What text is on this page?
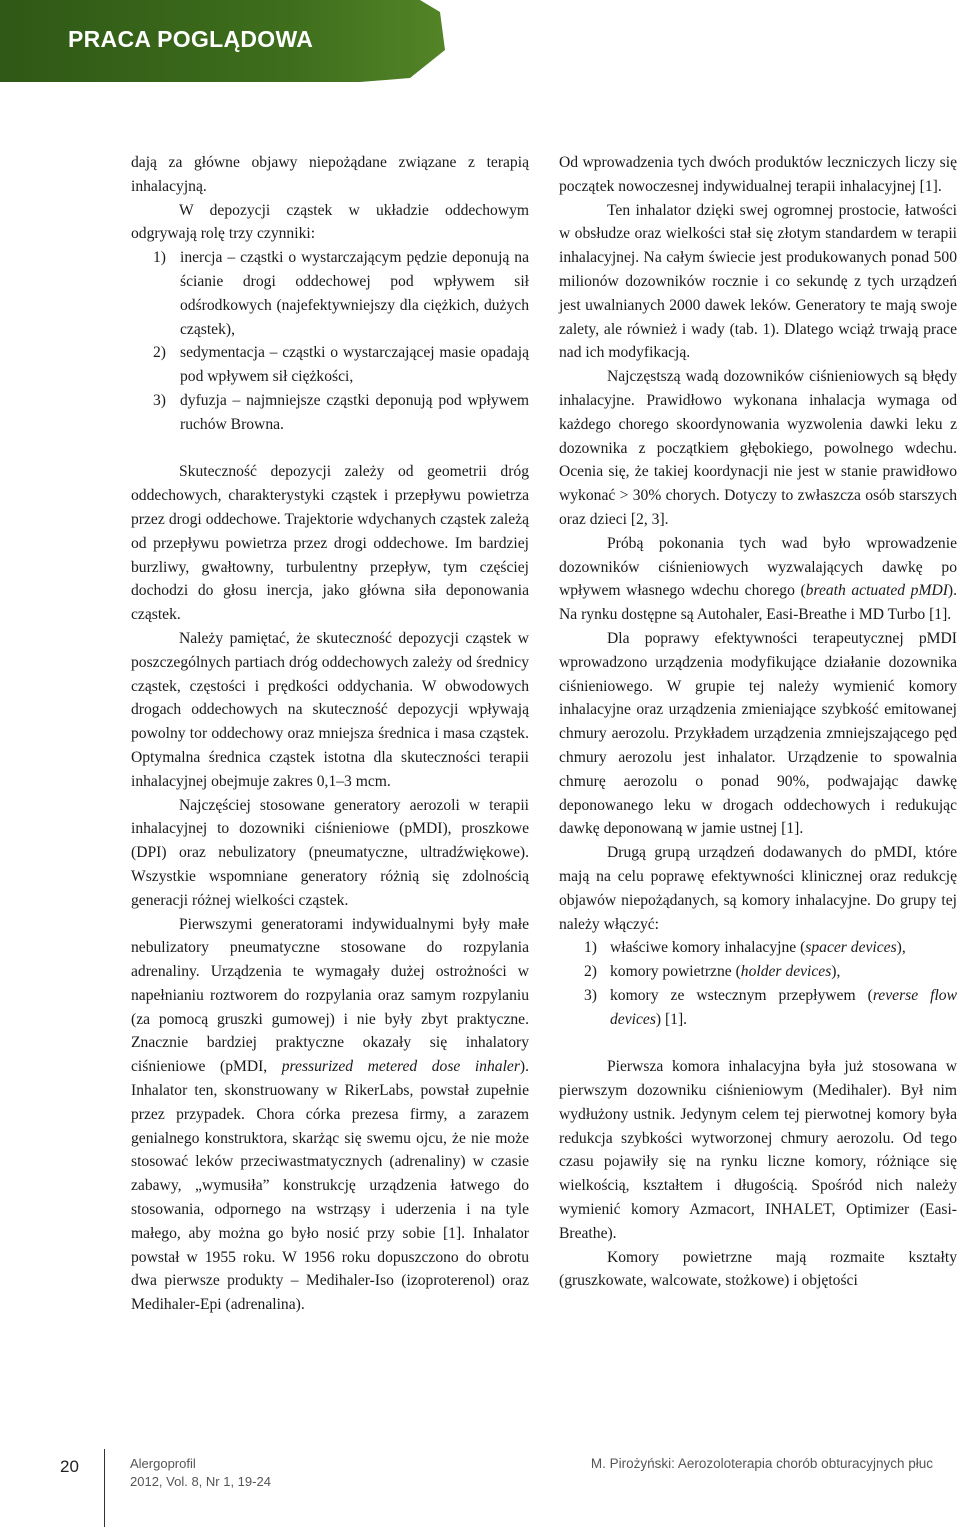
PRACA POGLĄDOWA

dają za główne objawy niepożądane związane z terapią inhalacyjną.

W depozycji cząstek w układzie oddechowym odgrywają rolę trzy czynniki:

1) inercja – cząstki o wystarczającym pędzie deponują na ścianie drogi oddechowej pod wpływem sił odśrodkowych (najefektywniejszy dla ciężkich, dużych cząstek),
2) sedymentacja – cząstki o wystarczającej masie opadają pod wpływem sił ciężkości,
3) dyfuzja – najmniejsze cząstki deponują pod wpływem ruchów Browna.

Skuteczność depozycji zależy od geometrii dróg oddechowych, charakterystyki cząstek i przepływu powietrza przez drogi oddechowe. Trajektorie wdychanych cząstek zależą od przepływu powietrza przez drogi oddechowe. Im bardziej burzliwy, gwałtowny, turbulentny przepływ, tym częściej dochodzi do głosu inercja, jako główna siła deponowania cząstek.

Należy pamiętać, że skuteczność depozycji cząstek w poszczególnych partiach dróg oddechowych zależy od średnicy cząstek, częstości i prędkości oddychania. W obwodowych drogach oddechowych na skuteczność depozycji wpływają powolny tor oddechowy oraz mniejsza średnica i masa cząstek. Optymalna średnica cząstek istotna dla skuteczności terapii inhalacyjnej obejmuje zakres 0,1–3 mcm.

Najczęściej stosowane generatory aerozoli w terapii inhalacyjnej to dozowniki ciśnieniowe (pMDI), proszkowe (DPI) oraz nebulizatory (pneumatyczne, ultradźwiękowe). Wszystkie wspomniane generatory różnią się zdolnością generacji różnej wielkości cząstek.

Pierwszymi generatorami indywidualnymi były małe nebulizatory pneumatyczne stosowane do rozpylania adrenaliny. Urządzenia te wymagały dużej ostrożności w napełnianiu roztworem do rozpylania oraz samym rozpylaniu (za pomocą gruszki gumowej) i nie były zbyt praktyczne. Znacznie bardziej praktyczne okazały się inhalatory ciśnieniowe (pMDI, pressurized metered dose inhaler). Inhalator ten, skonstruowany w RikerLabs, powstał zupełnie przez przypadek. Chora córka prezesa firmy, a zarazem genialnego konstruktora, skarżąc się swemu ojcu, że nie może stosować leków przeciwastmatycznych (adrenaliny) w czasie zabawy, „wymusiła” konstrukcję urządzenia łatwego do stosowania, odpornego na wstrząsy i uderzenia i na tyle małego, aby można go było nosić przy sobie [1]. Inhalator powstał w 1955 roku. W 1956 roku dopuszczono do obrotu dwa pierwsze produkty – Medihaler-Iso (izoproterenol) oraz Medihaler-Epi (adrenalina).

Od wprowadzenia tych dwóch produktów leczniczych liczy się początek nowoczesnej indywidualnej terapii inhalacyjnej [1].

Ten inhalator dzięki swej ogromnej prostocie, łatwości w obsłudze oraz wielkości stał się złotym standardem w terapii inhalacyjnej. Na całym świecie jest produkowanych ponad 500 milionów dozowników rocznie i co sekundę z tych urządzeń jest uwalnianych 2000 dawek leków. Generatory te mają swoje zalety, ale również i wady (tab. 1). Dlatego wciąż trwają prace nad ich modyfikacją.

Najczęstszą wadą dozowników ciśnieniowych są błędy inhalacyjne. Prawidłowo wykonana inhalacja wymaga od każdego chorego skoordynowania wyzwolenia dawki leku z dozownika z początkiem głębokiego, powolnego wdechu. Ocenia się, że takiej koordynacji nie jest w stanie prawidłowo wykonać > 30% chorych. Dotyczy to zwłaszcza osób starszych oraz dzieci [2, 3].

Próbą pokonania tych wad było wprowadzenie dozowników ciśnieniowych wyzwalających dawkę po wpływem własnego wdechu chorego (breath actuated pMDI). Na rynku dostępne są Autohaler, Easi-Breathe i MD Turbo [1].

Dla poprawy efektywności terapeutycznej pMDI wprowadzono urządzenia modyfikujące działanie dozownika ciśnieniowego. W grupie tej należy wymienić komory inhalacyjne oraz urządzenia zmieniające szybkość emitowanej chmury aerozolu. Przykładem urządzenia zmniejszającego pęd chmury aerozolu jest inhalator. Urządzenie to spowalnia chmurę aerozolu o ponad 90%, podwajając dawkę deponowanego leku w drogach oddechowych i redukując dawkę deponowaną w jamie ustnej [1].

Drugą grupą urządzeń dodawanych do pMDI, które mają na celu poprawę efektywności klinicznej oraz redukcję objawów niepożądanych, są komory inhalacyjne. Do grupy tej należy włączyć:

1) właściwe komory inhalacyjne (spacer devices),
2) komory powietrzne (holder devices),
3) komory ze wstecznym przepływem (reverse flow devices) [1].

Pierwsza komora inhalacyjna była już stosowana w pierwszym dozowniku ciśnieniowym (Medihaler). Był nim wydłużony ustnik. Jedynym celem tej pierwotnej komory była redukcja szybkości wytworzonej chmury aerozolu. Od tego czasu pojawiły się na rynku liczne komory, różniące się wielkością, kształtem i długością. Spośród nich należy wymienić komory Azmacort, INHALET, Optimizer (Easi-Breathe).

Komory powietrzne mają rozmaite kształty (gruszkowate, walcowate, stożkowe) i objętości

20	Alergoprofil
2012, Vol. 8, Nr 1, 19-24
M. Pirożyński: Aerozoloterapia chorób obturacyjnych płuc
